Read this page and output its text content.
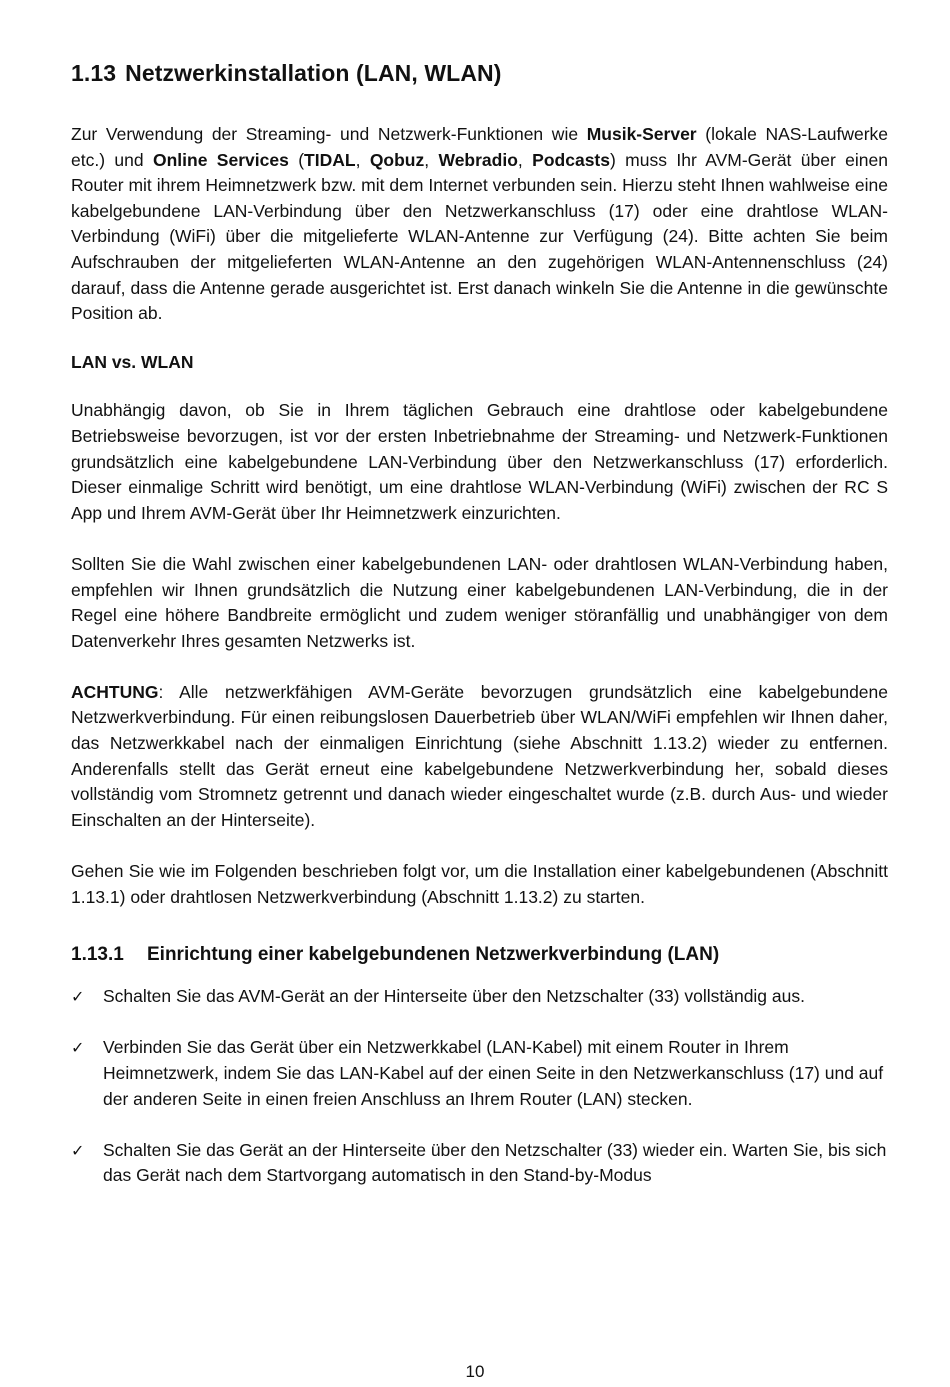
1.13 Netzwerkinstallation (LAN, WLAN)

Zur Verwendung der Streaming- und Netzwerk-Funktionen wie Musik-Server (lokale NAS-Laufwerke etc.) und Online Services (TIDAL, Qobuz, Webradio, Podcasts) muss Ihr AVM-Gerät über einen Router mit ihrem Heimnetzwerk bzw. mit dem Internet verbunden sein. Hierzu steht Ihnen wahlweise eine kabelgebundene LAN-Verbindung über den Netzwerkanschluss (17) oder eine drahtlose WLAN-Verbindung (WiFi) über die mitgelieferte WLAN-Antenne zur Verfügung (24). Bitte achten Sie beim Aufschrauben der mitgelieferten WLAN-Antenne an den zugehörigen WLAN-Antennenschluss (24) darauf, dass die Antenne gerade ausgerichtet ist. Erst danach winkeln Sie die Antenne in die gewünschte Position ab.

LAN vs. WLAN

Unabhängig davon, ob Sie in Ihrem täglichen Gebrauch eine drahtlose oder kabelgebundene Betriebsweise bevorzugen, ist vor der ersten Inbetriebnahme der Streaming- und Netzwerk-Funktionen grundsätzlich eine kabelgebundene LAN-Verbindung über den Netzwerkanschluss (17) erforderlich. Dieser einmalige Schritt wird benötigt, um eine drahtlose WLAN-Verbindung (WiFi) zwischen der RC S App und Ihrem AVM-Gerät über Ihr Heimnetzwerk einzurichten.

Sollten Sie die Wahl zwischen einer kabelgebundenen LAN- oder drahtlosen WLAN-Verbindung haben, empfehlen wir Ihnen grundsätzlich die Nutzung einer kabelgebundenen LAN-Verbindung, die in der Regel eine höhere Bandbreite ermöglicht und zudem weniger störanfällig und unabhängiger von dem Datenverkehr Ihres gesamten Netzwerks ist.

ACHTUNG: Alle netzwerkfähigen AVM-Geräte bevorzugen grundsätzlich eine kabelgebundene Netzwerkverbindung. Für einen reibungslosen Dauerbetrieb über WLAN/WiFi empfehlen wir Ihnen daher, das Netzwerkkabel nach der einmaligen Einrichtung (siehe Abschnitt 1.13.2) wieder zu entfernen. Anderenfalls stellt das Gerät erneut eine kabelgebundene Netzwerkverbindung her, sobald dieses vollständig vom Stromnetz getrennt und danach wieder eingeschaltet wurde (z.B. durch Aus- und wieder Einschalten an der Hinterseite).

Gehen Sie wie im Folgenden beschrieben folgt vor, um die Installation einer kabelgebundenen (Abschnitt 1.13.1) oder drahtlosen Netzwerkverbindung (Abschnitt 1.13.2) zu starten.

1.13.1 Einrichtung einer kabelgebundenen Netzwerkverbindung (LAN)
✓	Schalten Sie das AVM-Gerät an der Hinterseite über den Netzschalter (33) vollständig aus.
✓	Verbinden Sie das Gerät über ein Netzwerkkabel (LAN-Kabel) mit einem Router in Ihrem Heimnetzwerk, indem Sie das LAN-Kabel auf der einen Seite in den Netzwerkanschluss (17) und auf der anderen Seite in einen freien Anschluss an Ihrem Router (LAN) stecken.
✓	Schalten Sie das Gerät an der Hinterseite über den Netzschalter (33) wieder ein. Warten Sie, bis sich das Gerät nach dem Startvorgang automatisch in den Stand-by-Modus
10
